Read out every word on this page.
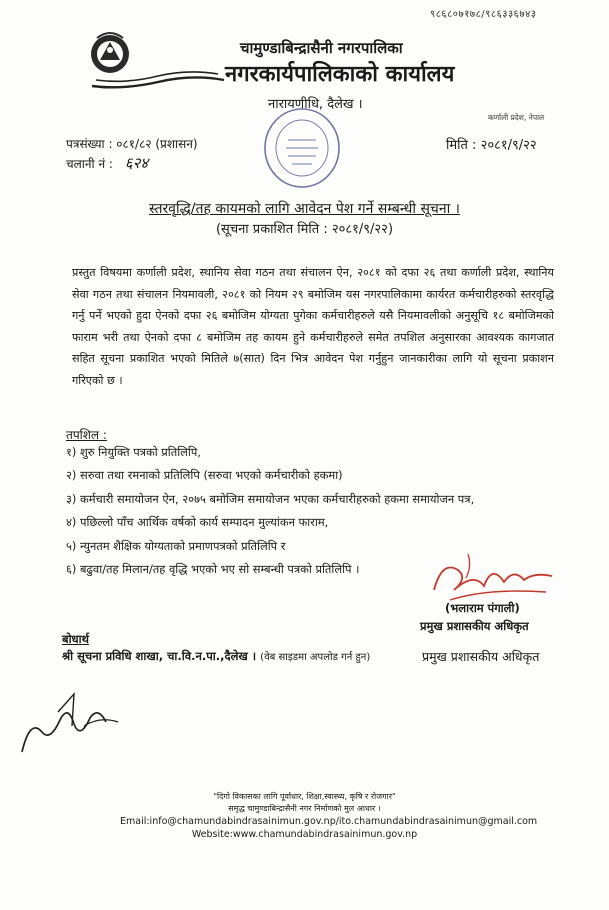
९८६८०७१७८/९८६३३६७४३
चामुण्डाबिन्द्रासैनी नगरपालिका
नगरकार्यपालिकाको कार्यालय
नारायणीधि, दैलेख ।
कर्णाली प्रदेश, नेपाल
पत्रसंख्या : ०८१/८२ (प्रशासन)
चलानी नं : ६२४
मिति : २०८१/९/२२
स्तरवृद्धि/तह कायमको लागि आवेदन पेश गर्ने सम्बन्धी सूचना ।
(सूचना प्रकाशित मिति : २०८१/९/२२)
प्रस्तुत विषयमा कर्णाली प्रदेश, स्थानिय सेवा गठन तथा संचालन ऐन, २०८१ को दफा २६ तथा कर्णाली प्रदेश, स्थानिय सेवा गठन तथा संचालन नियमावली, २०८१ को नियम २९ बमोजिम यस नगरपालिकामा कार्यरत कर्मचारीहरुको स्तरवृद्धि गर्नु पर्ने भएको हुदा ऐनको दफा २६ बमोजिम योग्यता पुगेका कर्मचारीहरुले यसै नियमावलीको अनुसूचि १८ बमोजिमको फाराम भरी तथा ऐनको दफा ८ बमोजिम तह कायम हुने कर्मचारीहरुले समेत तपशिल अनुसारका आवश्यक कागजात सहित सूचना प्रकाशित भएको मितिले ७(सात) दिन भित्र आवेदन पेश गर्नुहुन जानकारीका लागि यो सूचना प्रकाशन गरिएको छ ।
तपशिल :
१) शुरु नियुक्ति पत्रको प्रतिलिपि,
२) सरुवा तथा रमनाको प्रतिलिपि (सरुवा भएको कर्मचारीको हकमा)
३) कर्मचारी समायोजन ऐन, २०७५ बमोजिम समायोजन भएका कर्मचारीहरुको हकमा समायोजन पत्र,
४) पछिल्लो पाँच आर्थिक वर्षको कार्य सम्पादन मुल्यांकन फाराम,
५) न्युनतम शैक्षिक योग्यताको प्रमाणपत्रको प्रतिलिपि र
६) बढुवा/तह मिलान/तह वृद्धि भएको भए सो सम्बन्धी पत्रको प्रतिलिपि ।
(भलाराम पंगाली)
प्रमुख प्रशासकीय अधिकृत
प्रमुख प्रशासकीय अधिकृत
बोधार्थ
श्री सूचना प्रविधि शाखा, चा.वि.न.पा.,दैलेख । (वेब साइडमा अपलोड गर्न हुन)
"दिगो विकासका लागि पूर्वाधार, शिक्षा,स्वास्थ्य, कृषि र रोजगार"
समृद्ध चामुण्डाबिन्द्रासैनी नगर निर्माणको मुल आधार ।
Email:info@chamundabindrasainimun.gov.np/ito.chamundabindrasainimun@gmail.com
Website:www.chamundabindrasainimun.gov.np
